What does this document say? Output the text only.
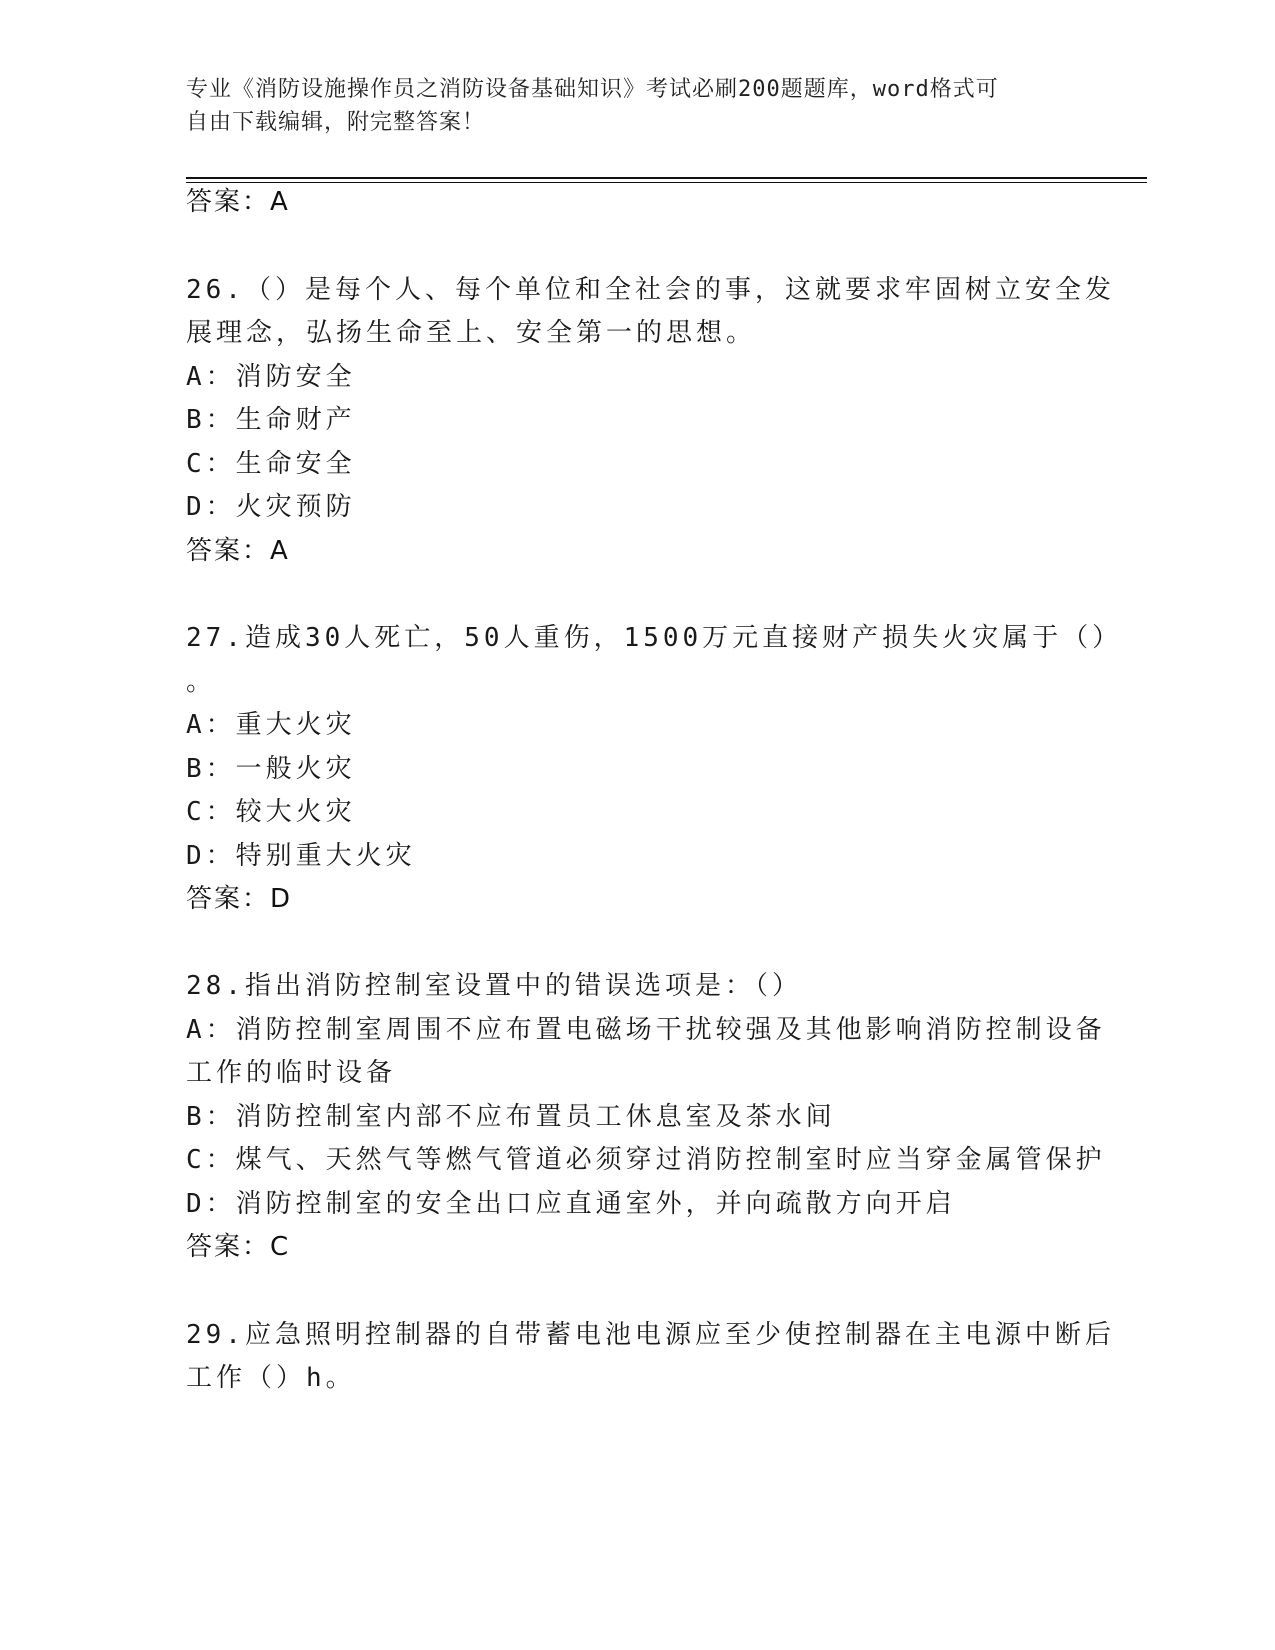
专业《消防设施操作员之消防设备基础知识》考试必刷200题题库，word格式可
自由下载编辑，附完整答案！
答案：A
26.（）是每个人、每个单位和全社会的事，这就要求牢固树立安全发
展理念，弘扬生命至上、安全第一的思想。
A：消防安全
B：生命财产
C：生命安全
D：火灾预防
答案：A
27.造成30人死亡，50人重伤，1500万元直接财产损失火灾属于（）
。
A：重大火灾
B：一般火灾
C：较大火灾
D：特别重大火灾
答案：D
28.指出消防控制室设置中的错误选项是：（）
A：消防控制室周围不应布置电磁场干扰较强及其他影响消防控制设备
工作的临时设备
B：消防控制室内部不应布置员工休息室及茶水间
C：煤气、天然气等燃气管道必须穿过消防控制室时应当穿金属管保护
D：消防控制室的安全出口应直通室外，并向疏散方向开启
答案：C
29.应急照明控制器的自带蓄电池电源应至少使控制器在主电源中断后
工作（）h。
